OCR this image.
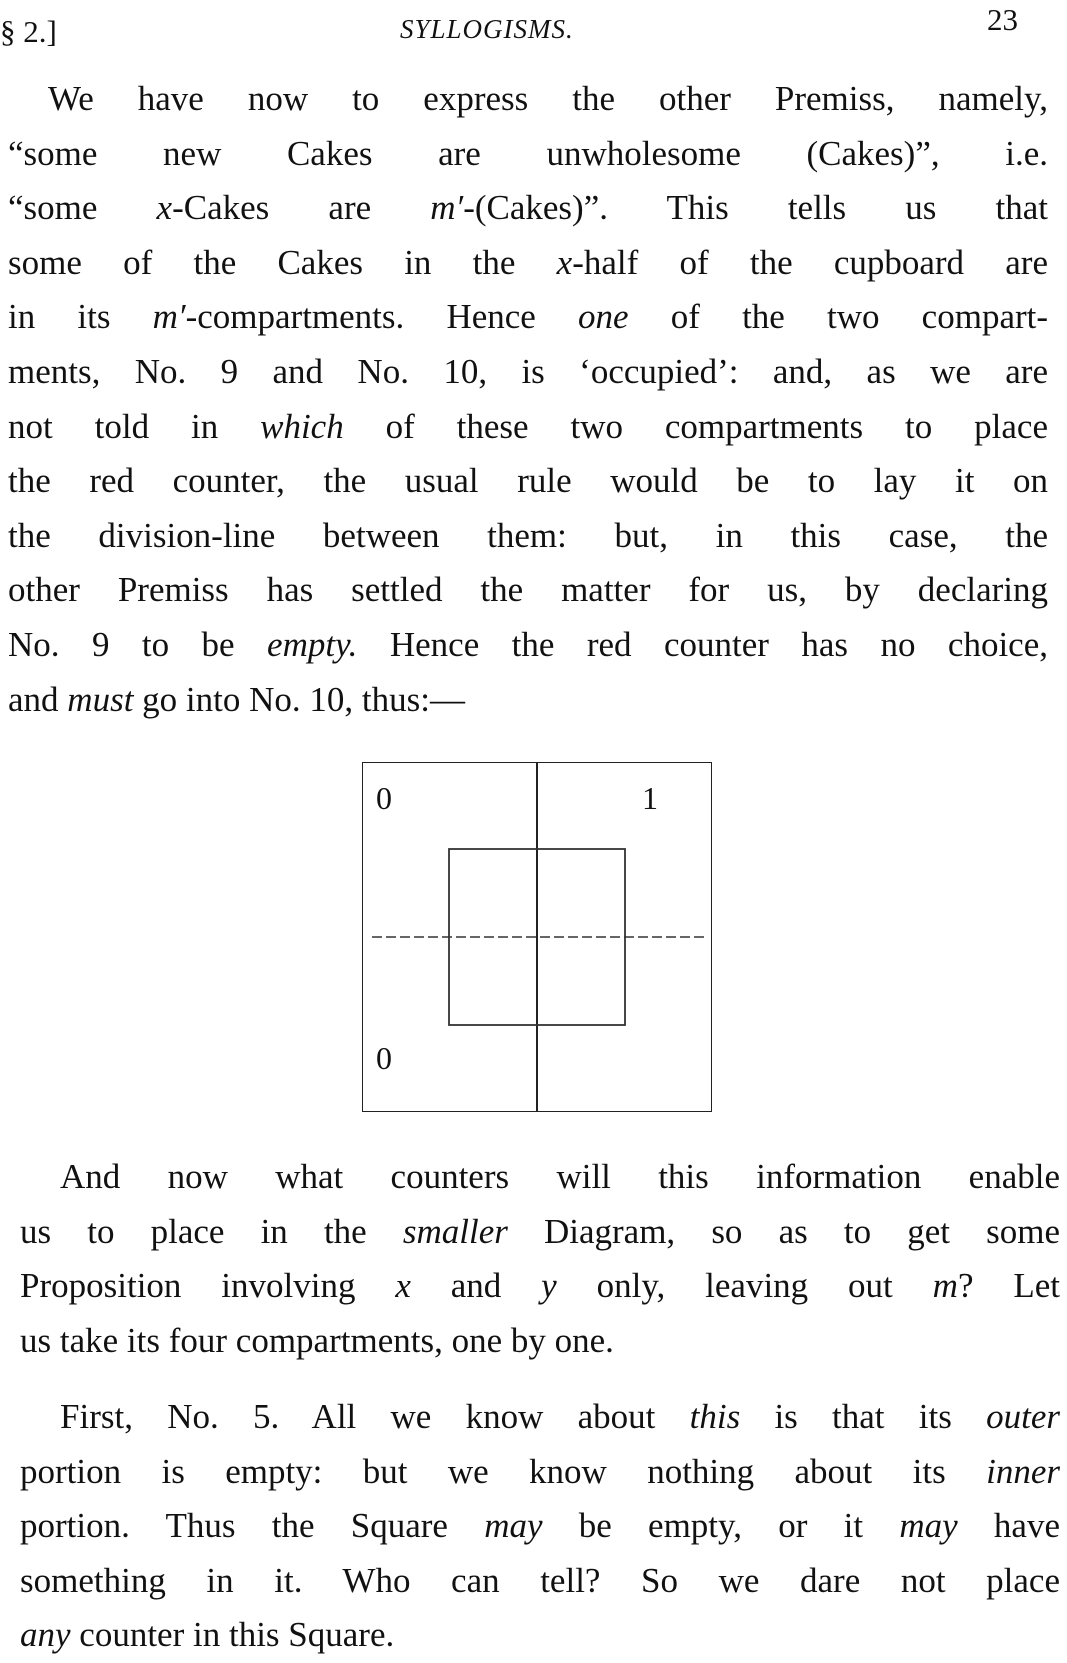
§ 2.]	SYLLOGISMS.	23
We have now to express the other Premiss, namely,
“some new Cakes are unwholesome (Cakes)”, i.e.
“some x-Cakes are m′-(Cakes)”. This tells us that
some of the Cakes in the x-half of the cupboard are
in its m′-compartments. Hence one of the two compart-
ments, No. 9 and No. 10, is ‘occupied’: and, as we are
not told in which of these two compartments to place
the red counter, the usual rule would be to lay it on
the division-line between them: but, in this case, the
other Premiss has settled the matter for us, by declaring
No. 9 to be empty. Hence the red counter has no choice,
and must go into No. 10, thus:—
0	1
0
And now what counters will this information enable
us to place in the smaller Diagram, so as to get some
Proposition involving x and y only, leaving out m? Let
us take its four compartments, one by one.
First, No. 5. All we know about this is that its outer
portion is empty: but we know nothing about its inner
portion. Thus the Square may be empty, or it may have
something in it. Who can tell? So we dare not place
any counter in this Square.
